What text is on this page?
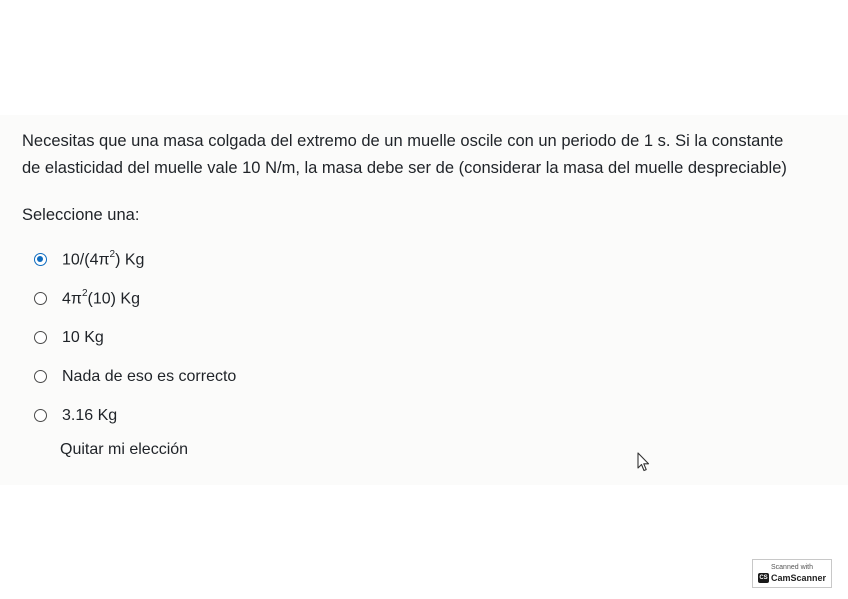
Necesitas que una masa colgada del extremo de un muelle oscile con un periodo de 1 s. Si la constante
de elasticidad del muelle vale 10 N/m, la masa debe ser de (considerar la masa del muelle despreciable)
Seleccione una:
$10/(4\pi^2)$ Kg
$4\pi^2(10)$ Kg
10 Kg
Nada de eso es correcto
3.16 Kg
Quitar mi elección
Scanned with
CS CamScanner
